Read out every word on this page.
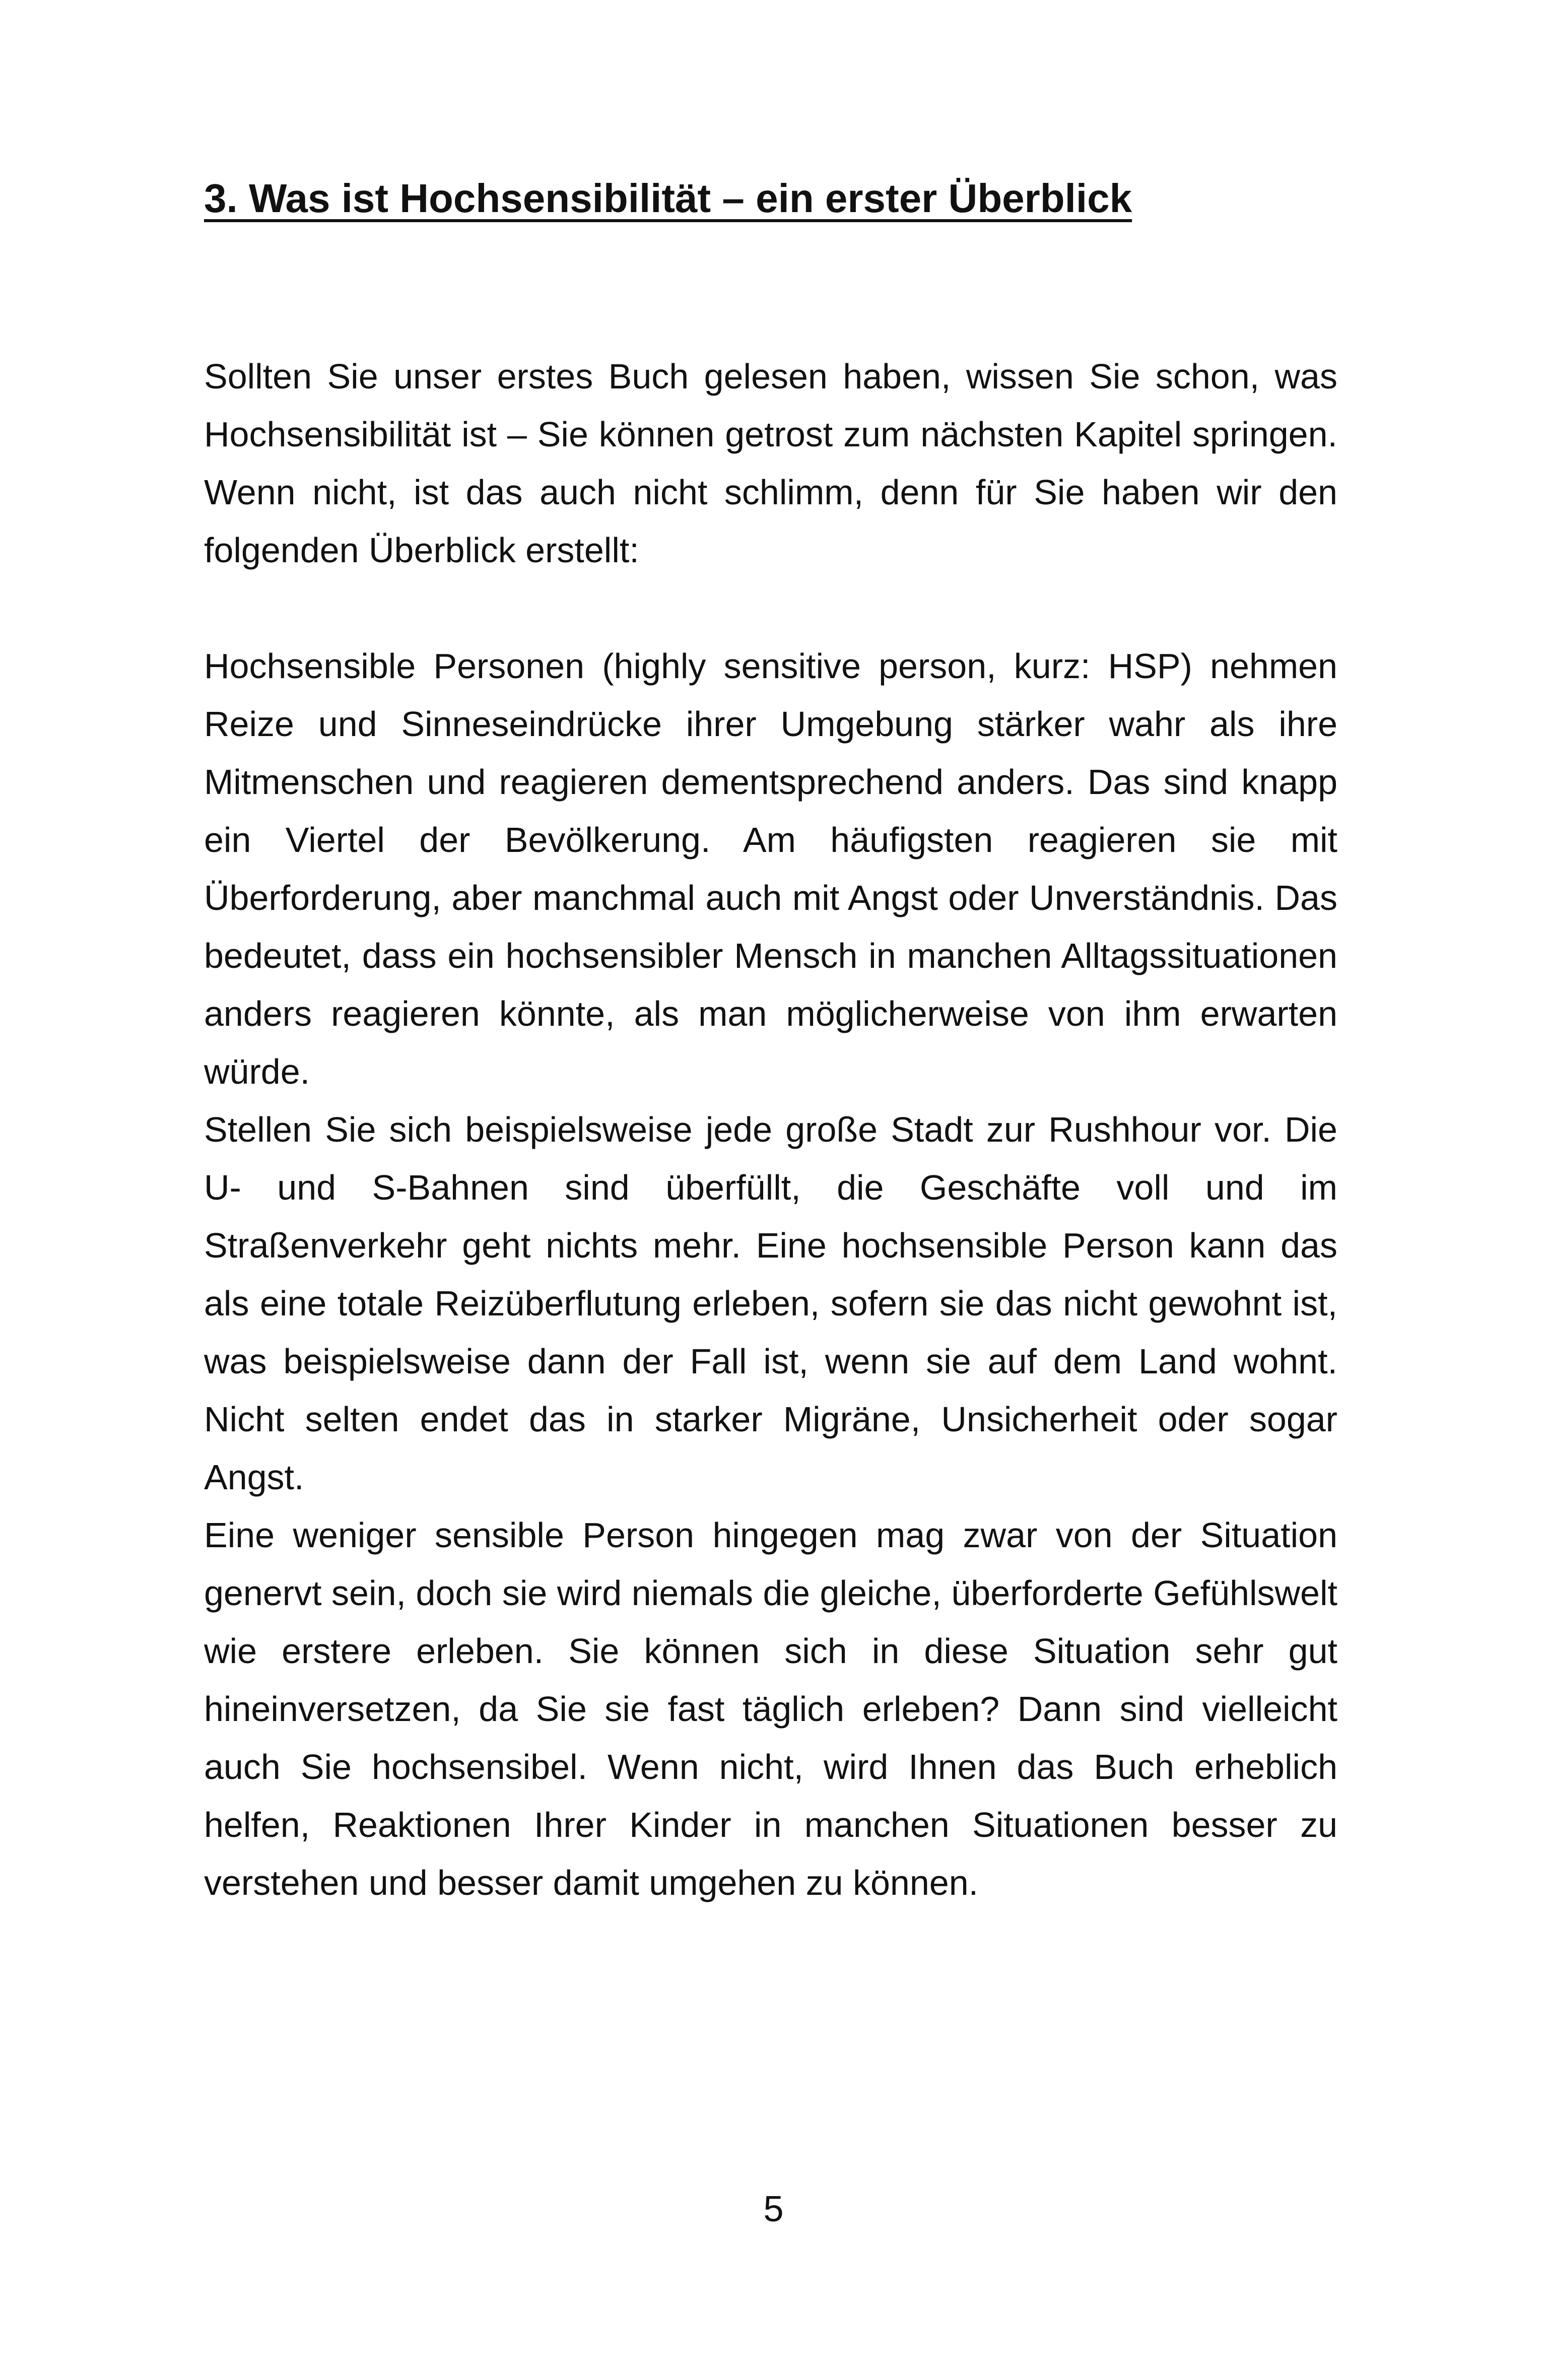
3. Was ist Hochsensibilität – ein erster Überblick

Sollten Sie unser erstes Buch gelesen haben, wissen Sie schon, was Hochsensibilität ist – Sie können getrost zum nächsten Kapitel springen. Wenn nicht, ist das auch nicht schlimm, denn für Sie haben wir den folgenden Überblick erstellt:

Hochsensible Personen (highly sensitive person, kurz: HSP) nehmen Reize und Sinneseindrücke ihrer Umgebung stärker wahr als ihre Mitmenschen und reagieren dementsprechend anders. Das sind knapp ein Viertel der Bevölkerung. Am häufigsten reagieren sie mit Überforderung, aber manchmal auch mit Angst oder Unverständnis. Das bedeutet, dass ein hochsensibler Mensch in manchen Alltagssituationen anders reagieren könnte, als man möglicherweise von ihm erwarten würde.

Stellen Sie sich beispielsweise jede große Stadt zur Rushhour vor. Die U- und S-Bahnen sind überfüllt, die Geschäfte voll und im Straßenverkehr geht nichts mehr. Eine hochsensible Person kann das als eine totale Reizüberflutung erleben, sofern sie das nicht gewohnt ist, was beispielsweise dann der Fall ist, wenn sie auf dem Land wohnt. Nicht selten endet das in starker Migräne, Unsicherheit oder sogar Angst.

Eine weniger sensible Person hingegen mag zwar von der Situation genervt sein, doch sie wird niemals die gleiche, überforderte Gefühlswelt wie erstere erleben. Sie können sich in diese Situation sehr gut hineinversetzen, da Sie sie fast täglich erleben? Dann sind vielleicht auch Sie hochsensibel. Wenn nicht, wird Ihnen das Buch erheblich helfen, Reaktionen Ihrer Kinder in manchen Situationen besser zu verstehen und besser damit umgehen zu können.

5
